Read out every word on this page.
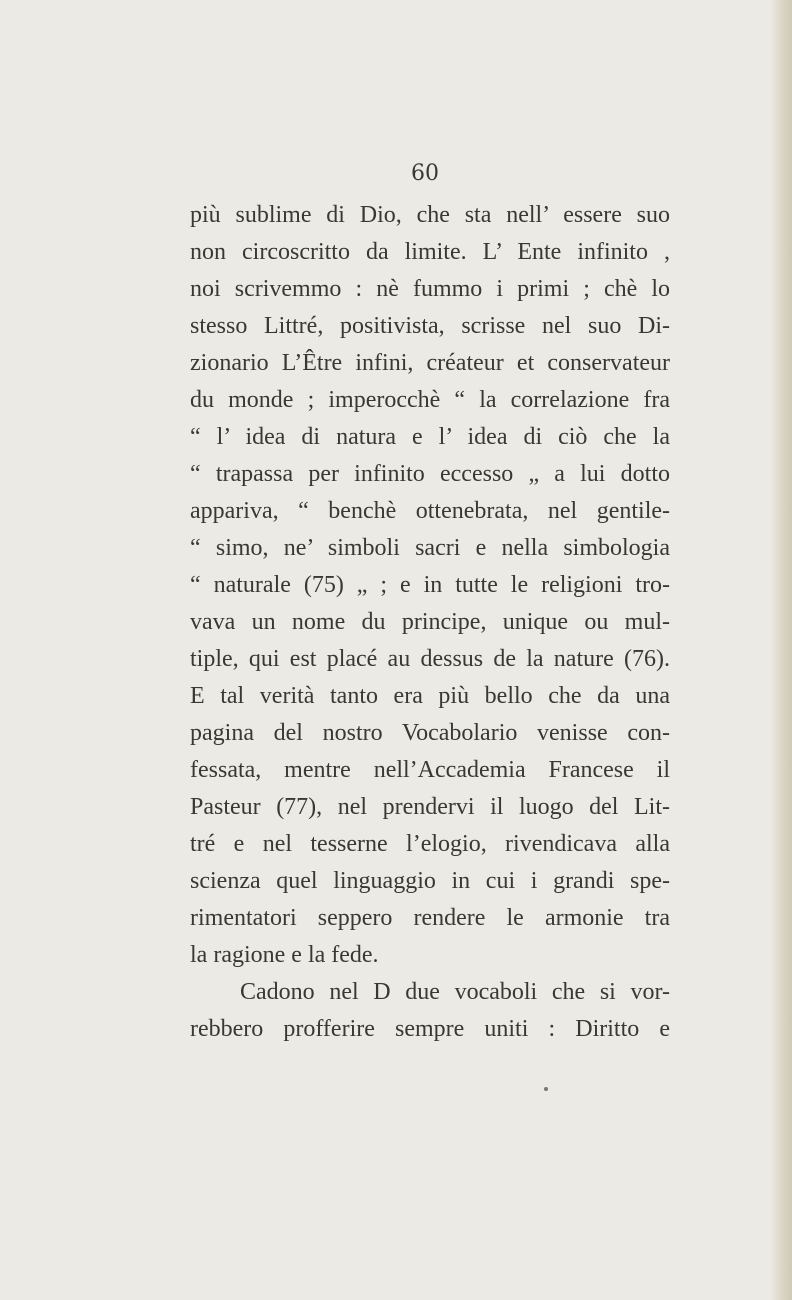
60
più sublime di Dio, che sta nell’ essere suo
non circoscritto da limite. L’ Ente infinito ,
noi scrivemmo : nè fummo i primi ; chè lo
stesso Littré, positivista, scrisse nel suo Di-
zionario L’Être infini, créateur et conservateur
du monde ; imperocchè “ la correlazione fra
“ l’ idea di natura e l’ idea di ciò che la
“ trapassa per infinito eccesso „ a lui dotto
appariva, “ benchè ottenebrata, nel gentile-
“ simo, ne’ simboli sacri e nella simbologia
“ naturale (75) „ ; e in tutte le religioni tro-
vava un nome du principe, unique ou mul-
tiple, qui est placé au dessus de la nature (76).
E tal verità tanto era più bello che da una
pagina del nostro Vocabolario venisse con-
fessata, mentre nell’Accademia Francese il
Pasteur (77), nel prendervi il luogo del Lit-
tré e nel tesserne l’elogio, rivendicava alla
scienza quel linguaggio in cui i grandi spe-
rimentatori seppero rendere le armonie tra
la ragione e la fede.
Cadono nel D due vocaboli che si vor-
rebbero profferire sempre uniti : Diritto e
